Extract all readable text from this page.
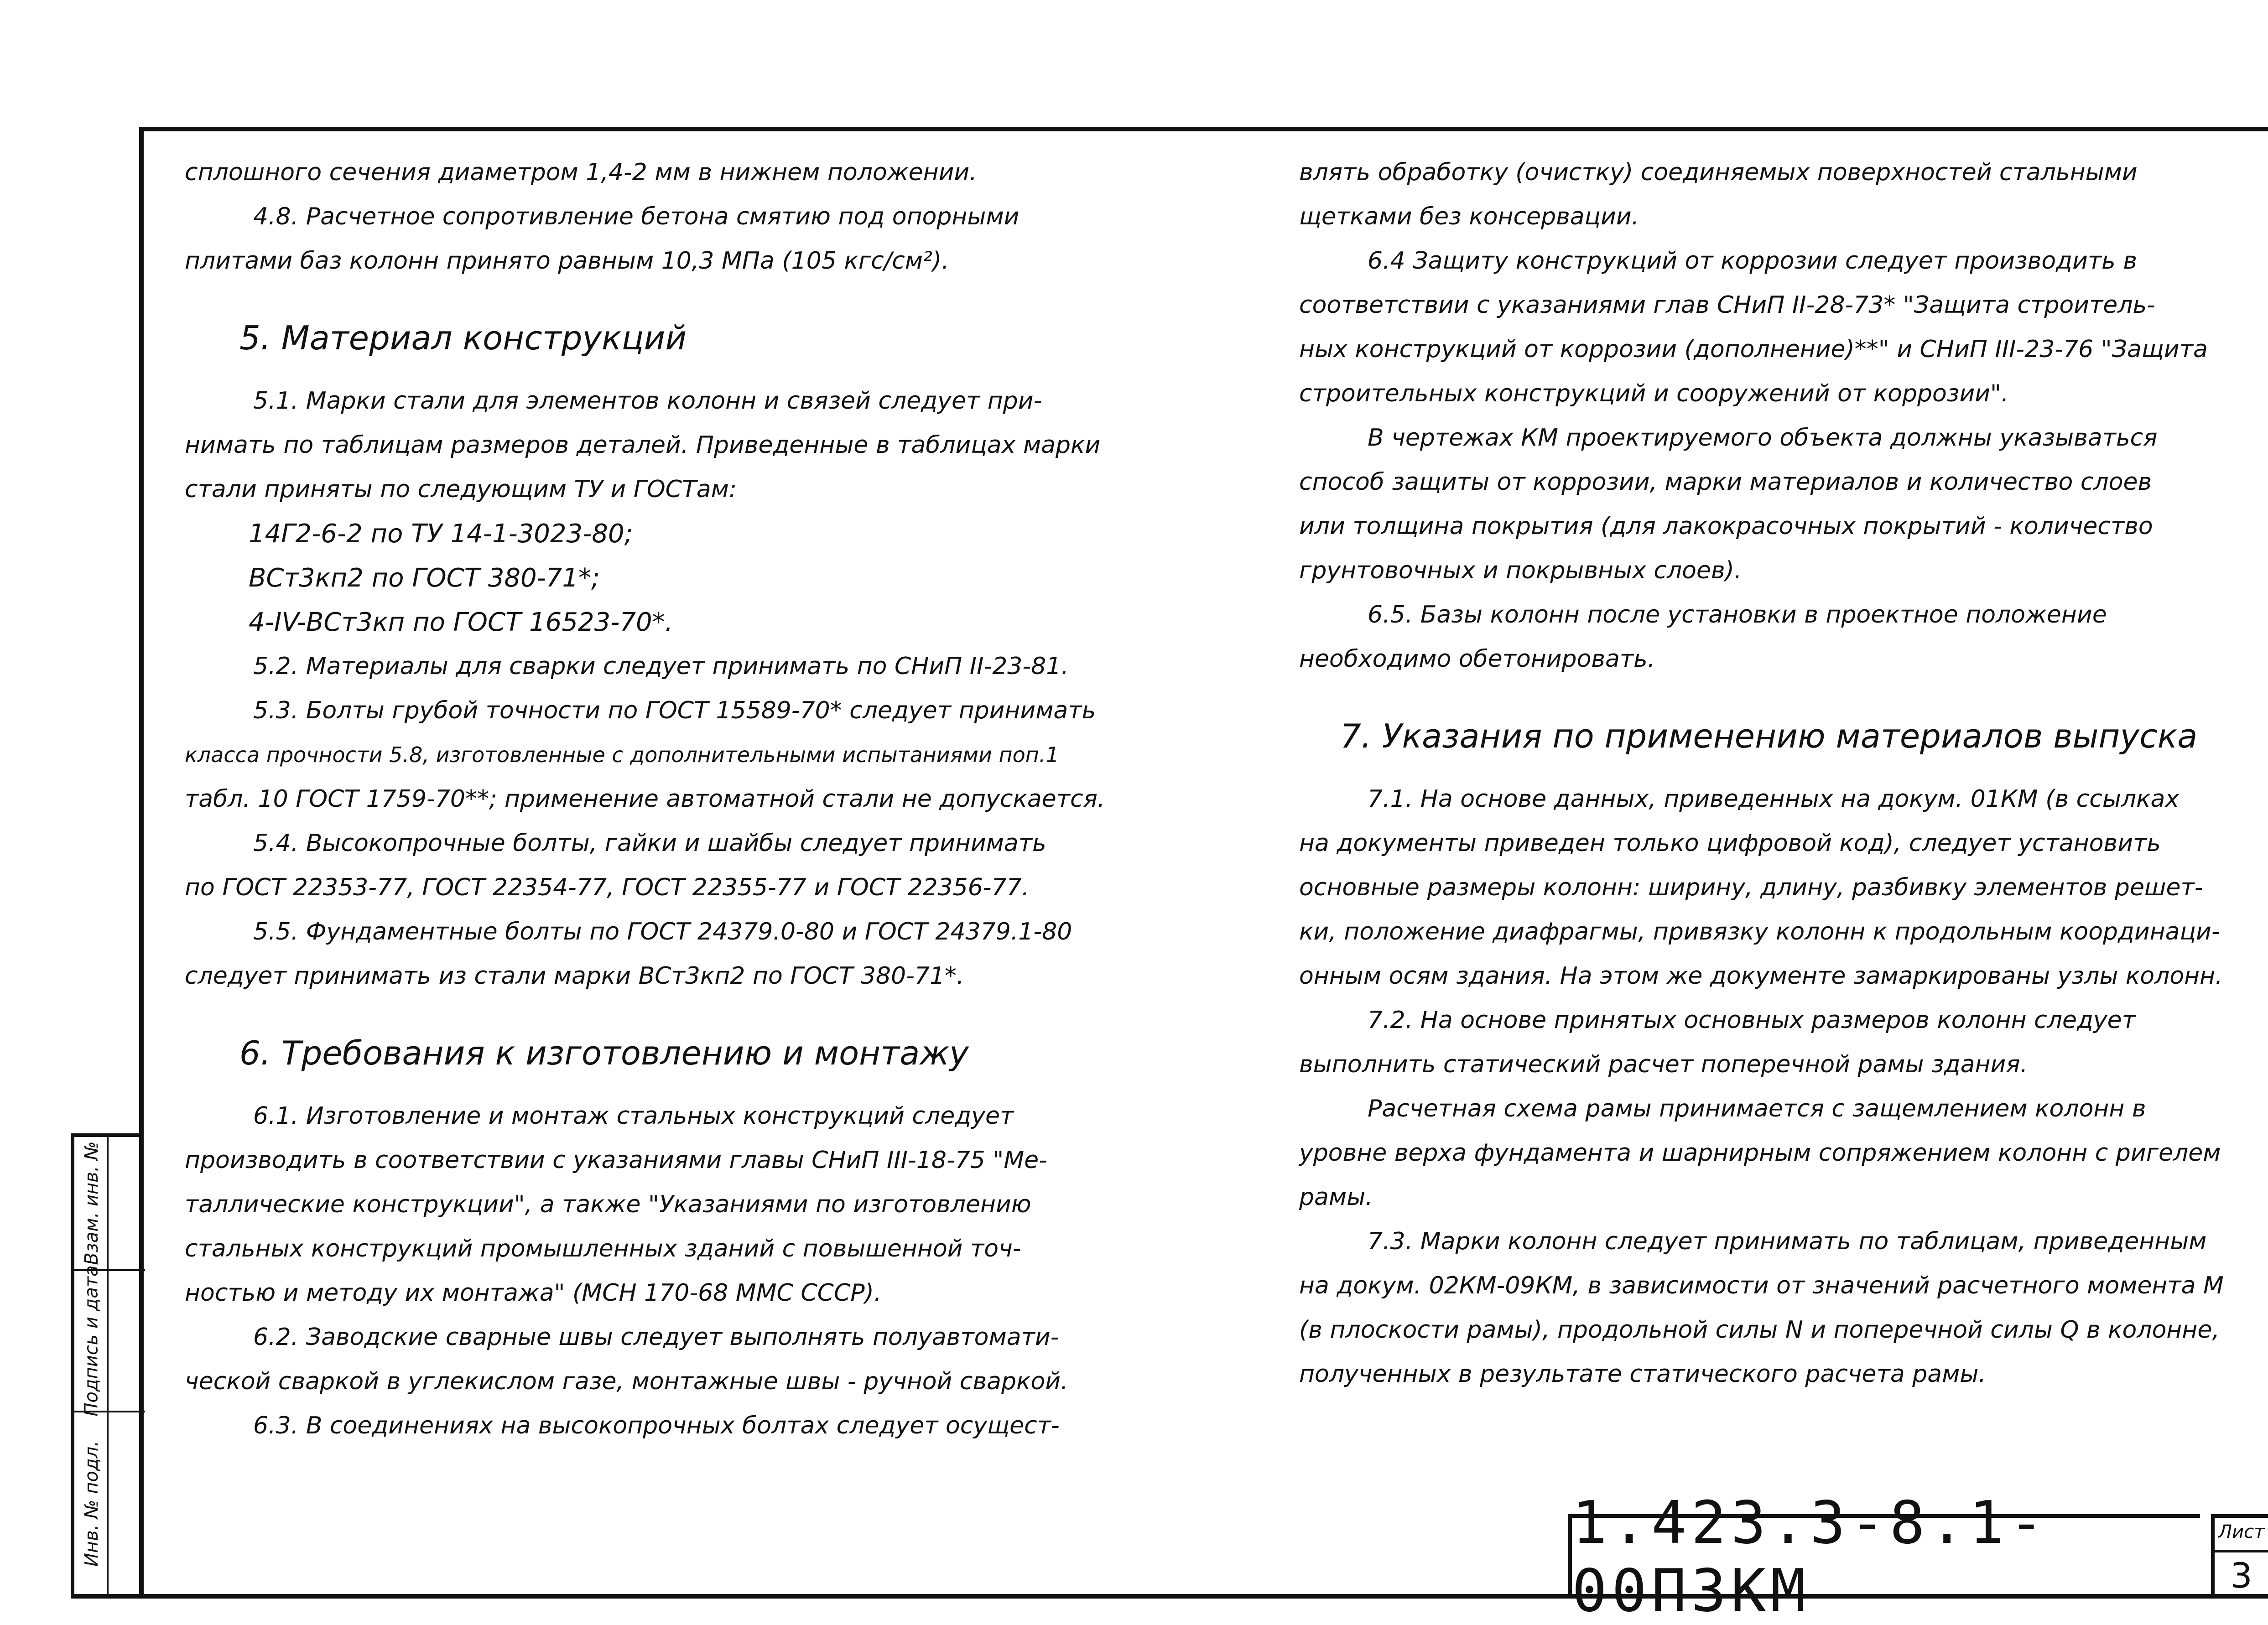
Взам. инв. №
Подпись и дата
Инв. № подл.

сплошного сечения диаметром 1,4-2 мм в нижнем положении.

4.8. Расчетное сопротивление бетона смятию под опорными

плитами баз колонн принято равным 10,3 МПа (105 кгс/см²).

5. Материал конструкций

5.1. Марки стали для элементов колонн и связей следует при-

нимать по таблицам размеров деталей. Приведенные в таблицах марки

стали приняты по следующим ТУ и ГОСТам:

14Г2-6-2 по ТУ 14-1-3023-80;

ВСт3кп2 по ГОСТ 380-71*;

4-IV-ВСт3кп по ГОСТ 16523-70*.

5.2. Материалы для сварки следует принимать по СНиП II-23-81.

5.3. Болты грубой точности по ГОСТ 15589-70* следует принимать

класса прочности 5.8, изготовленные с дополнительными испытаниями поп.1

табл. 10 ГОСТ 1759-70**; применение автоматной стали не допускается.

5.4. Высокопрочные болты, гайки и шайбы следует принимать

по ГОСТ 22353-77, ГОСТ 22354-77, ГОСТ 22355-77 и ГОСТ 22356-77.

5.5. Фундаментные болты по ГОСТ 24379.0-80 и ГОСТ 24379.1-80

следует принимать из стали марки ВСт3кп2 по ГОСТ 380-71*.

6. Требования к изготовлению и монтажу

6.1. Изготовление и монтаж стальных конструкций следует

производить в соответствии с указаниями главы СНиП III-18-75 "Ме-

таллические конструкции", а также "Указаниями по изготовлению

стальных конструкций промышленных зданий с повышенной точ-

ностью и методу их монтажа" (МСН 170-68 ММС СССР).

6.2. Заводские сварные швы следует выполнять полуавтомати-

ческой сваркой в углекислом газе, монтажные швы - ручной сваркой.

6.3. В соединениях на высокопрочных болтах следует осущест-

влять обработку (очистку) соединяемых поверхностей стальными

щетками без консервации.

6.4 Защиту конструкций от коррозии следует производить в

соответствии с указаниями глав СНиП II-28-73* "Защита строитель-

ных конструкций от коррозии (дополнение)**" и СНиП III-23-76 "Защита

строительных конструкций и сооружений от коррозии".

В чертежах КМ проектируемого объекта должны указываться

способ защиты от коррозии, марки материалов и количество слоев

или толщина покрытия (для лакокрасочных покрытий - количество

грунтовочных и покрывных слоев).

6.5. Базы колонн после установки в проектное положение

необходимо обетонировать.

7. Указания по применению материалов выпуска

7.1. На основе данных, приведенных на докум. 01КМ (в ссылках

на документы приведен только цифровой код), следует установить

основные размеры колонн: ширину, длину, разбивку элементов решет-

ки, положение диафрагмы, привязку колонн к продольным координаци-

онным осям здания. На этом же документе замаркированы узлы колонн.

7.2. На основе принятых основных размеров колонн следует

выполнить статический расчет поперечной рамы здания.

Расчетная схема рамы принимается с защемлением колонн в

уровне верха фундамента и шарнирным сопряжением колонн с ригелем

рамы.

7.3. Марки колонн следует принимать по таблицам, приведенным

на докум. 02КМ-09КМ, в зависимости от значений расчетного момента М

(в плоскости рамы), продольной силы N и поперечной силы Q в колонне,

полученных в результате статического расчета рамы.

1.423.3-8.1-00П3КМ
Лист
3
